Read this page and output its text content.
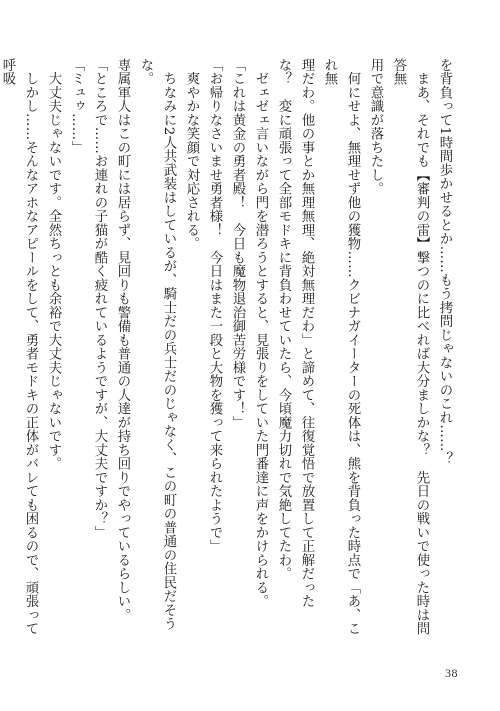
を背負って1時間歩かせるとか……もう拷問じゃないのこれ……？

　まあ、それでも【審判の雷】撃つのに比べれば大分ましかな？　先日の戦いで使った時は問答無

用で意識が落ちたし。

　何にせよ、無理せず他の獲物……クビナガイーターの死体は、熊を背負った時点で「あ、これ無

理だわ。他の事とか無理無理、絶対無理だわ」と諦めて、往復覚悟で放置して正解だった

な？　変に頑張って全部モドキに背負わせていたら、今頃魔力切れで気絶してたわ。

　ゼェゼェ言いながら門を潜ろうとすると、見張りをしていた門番達に声をかけられる。

「これは黄金の勇者殿！　今日も魔物退治御苦労様です！」

「お帰りなさいませ勇者様！　今日はまた一段と大物を獲って来られたようで」

　爽やかな笑顔で対応される。

　ちなみに2人共武装はしているが、騎士だの兵士だのじゃなく、この町の普通の住民だそうな。

専属軍人はこの町には居らず、見回りも警備も普通の人達が持ち回りでやっているらしい。

「ところで……お連れの子猫が酷く疲れているようですが、大丈夫ですか？」

「ミュゥ……」

　大丈夫じゃないです。全然ちっとも余裕で大丈夫じゃないです。

　しかし……そんなアホなアピールをして、勇者モドキの正体がバレても困るので、頑張って呼吸

38
